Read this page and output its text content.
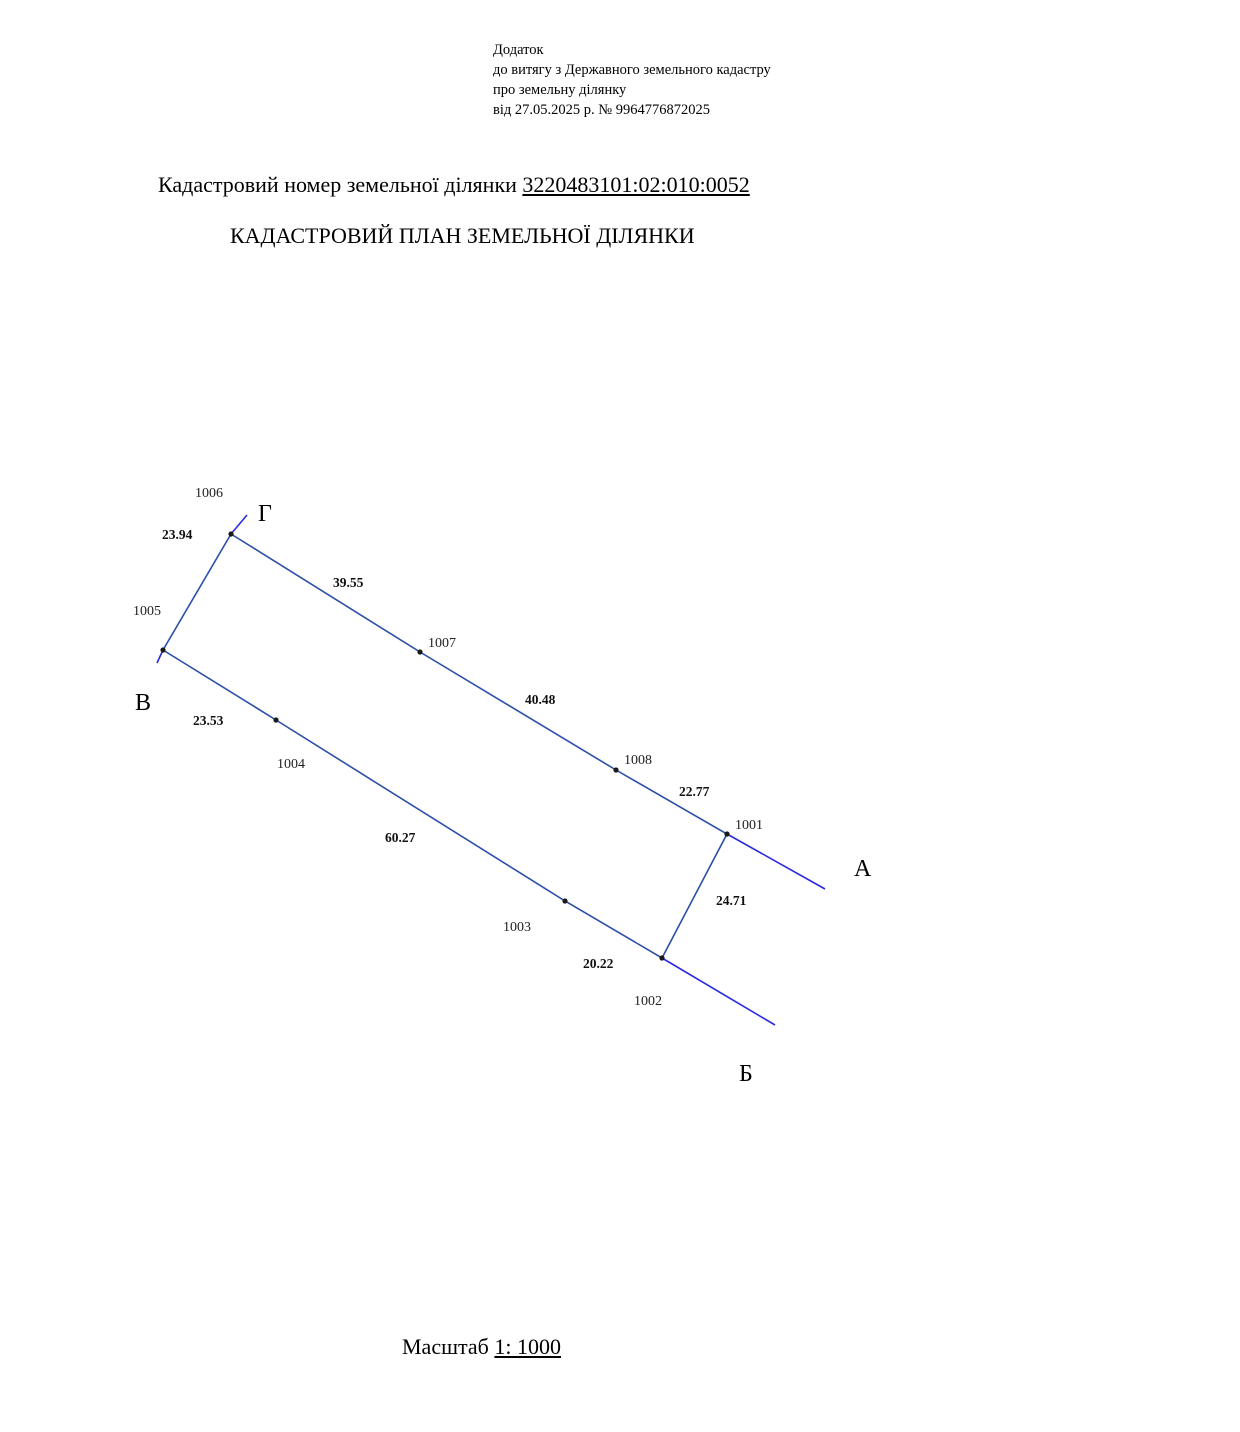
Додаток
до витягу з Державного земельного кадастру
про земельну ділянку
від 27.05.2025 р. № 9964776872025
Кадастровий номер земельної ділянки 3220483101:02:010:0052
КАДАСТРОВИЙ ПЛАН ЗЕМЕЛЬНОЇ ДІЛЯНКИ
1001
1002
1003
1004
1005
1006
1007
1008
23.94
39.55
40.48
22.77
24.71
20.22
60.27
23.53
А
Б
В
Г
Масштаб 1: 1000
